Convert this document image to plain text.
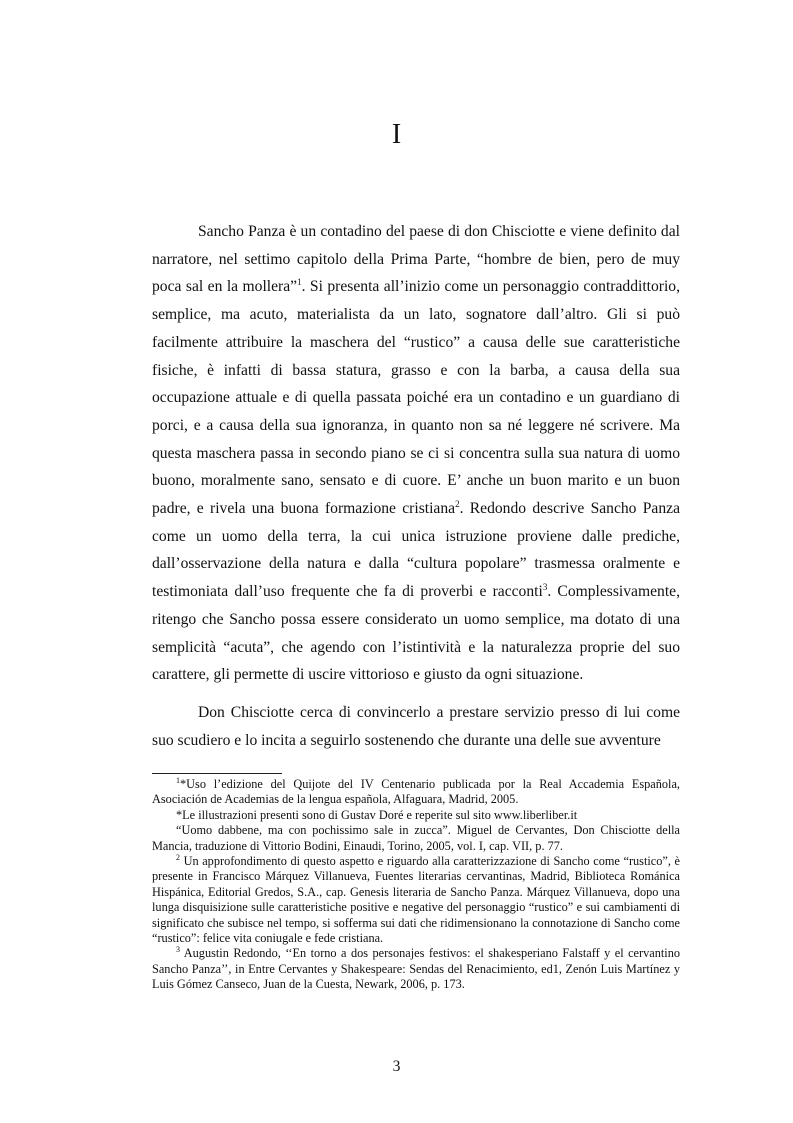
I

Sancho Panza è un contadino del paese di don Chisciotte e viene definito dal narratore, nel settimo capitolo della Prima Parte, “hombre de bien, pero de muy poca sal en la mollera”$^1$. Si presenta all’inizio come un personaggio contraddittorio, semplice, ma acuto, materialista da un lato, sognatore dall’altro. Gli si può facilmente attribuire la maschera del “rustico” a causa delle sue caratteristiche fisiche, è infatti di bassa statura, grasso e con la barba, a causa della sua occupazione attuale e di quella passata poiché era un contadino e un guardiano di porci, e a causa della sua ignoranza, in quanto non sa né leggere né scrivere. Ma questa maschera passa in secondo piano se ci si concentra sulla sua natura di uomo buono, moralmente sano, sensato e di cuore. E’ anche un buon marito e un buon padre, e rivela una buona formazione cristiana$^2$. Redondo descrive Sancho Panza come un uomo della terra, la cui unica istruzione proviene dalle prediche, dall’osservazione della natura e dalla “cultura popolare” trasmessa oralmente e testimoniata dall’uso frequente che fa di proverbi e racconti$^3$. Complessivamente, ritengo che Sancho possa essere considerato un uomo semplice, ma dotato di una semplicità “acuta”, che agendo con l’istintività e la naturalezza proprie del suo carattere, gli permette di uscire vittorioso e giusto da ogni situazione.

Don Chisciotte cerca di convincerlo a prestare servizio presso di lui come suo scudiero e lo incita a seguirlo sostenendo che durante una delle sue avventure

$^1$*Uso l’edizione del Quijote del IV Centenario publicada por la Real Accademia Española, Asociación de Academias de la lengua española, Alfaguara, Madrid, 2005.

*Le illustrazioni presenti sono di Gustav Doré e reperite sul sito www.liberliber.it

“Uomo dabbene, ma con pochissimo sale in zucca”. Miguel de Cervantes, Don Chisciotte della Mancia, traduzione di Vittorio Bodini, Einaudi, Torino, 2005, vol. I, cap. VII, p. 77.

$^2$ Un approfondimento di questo aspetto e riguardo alla caratterizzazione di Sancho come “rustico”, è presente in Francisco Márquez Villanueva, Fuentes literarias cervantinas, Madrid, Biblioteca Románica Hispánica, Editorial Gredos, S.A., cap. Genesis literaria de Sancho Panza. Márquez Villanueva, dopo una lunga disquisizione sulle caratteristiche positive e negative del personaggio “rustico” e sui cambiamenti di significato che subisce nel tempo, si sofferma sui dati che ridimensionano la connotazione di Sancho come “rustico”: felice vita coniugale e fede cristiana.

$^3$ Augustin Redondo, ‘‘En torno a dos personajes festivos: el shakesperiano Falstaff y el cervantino Sancho Panza’’, in Entre Cervantes y Shakespeare: Sendas del Renacimiento, ed1, Zenón Luis Martínez y Luis Gómez Canseco, Juan de la Cuesta, Newark, 2006, p. 173.

3
